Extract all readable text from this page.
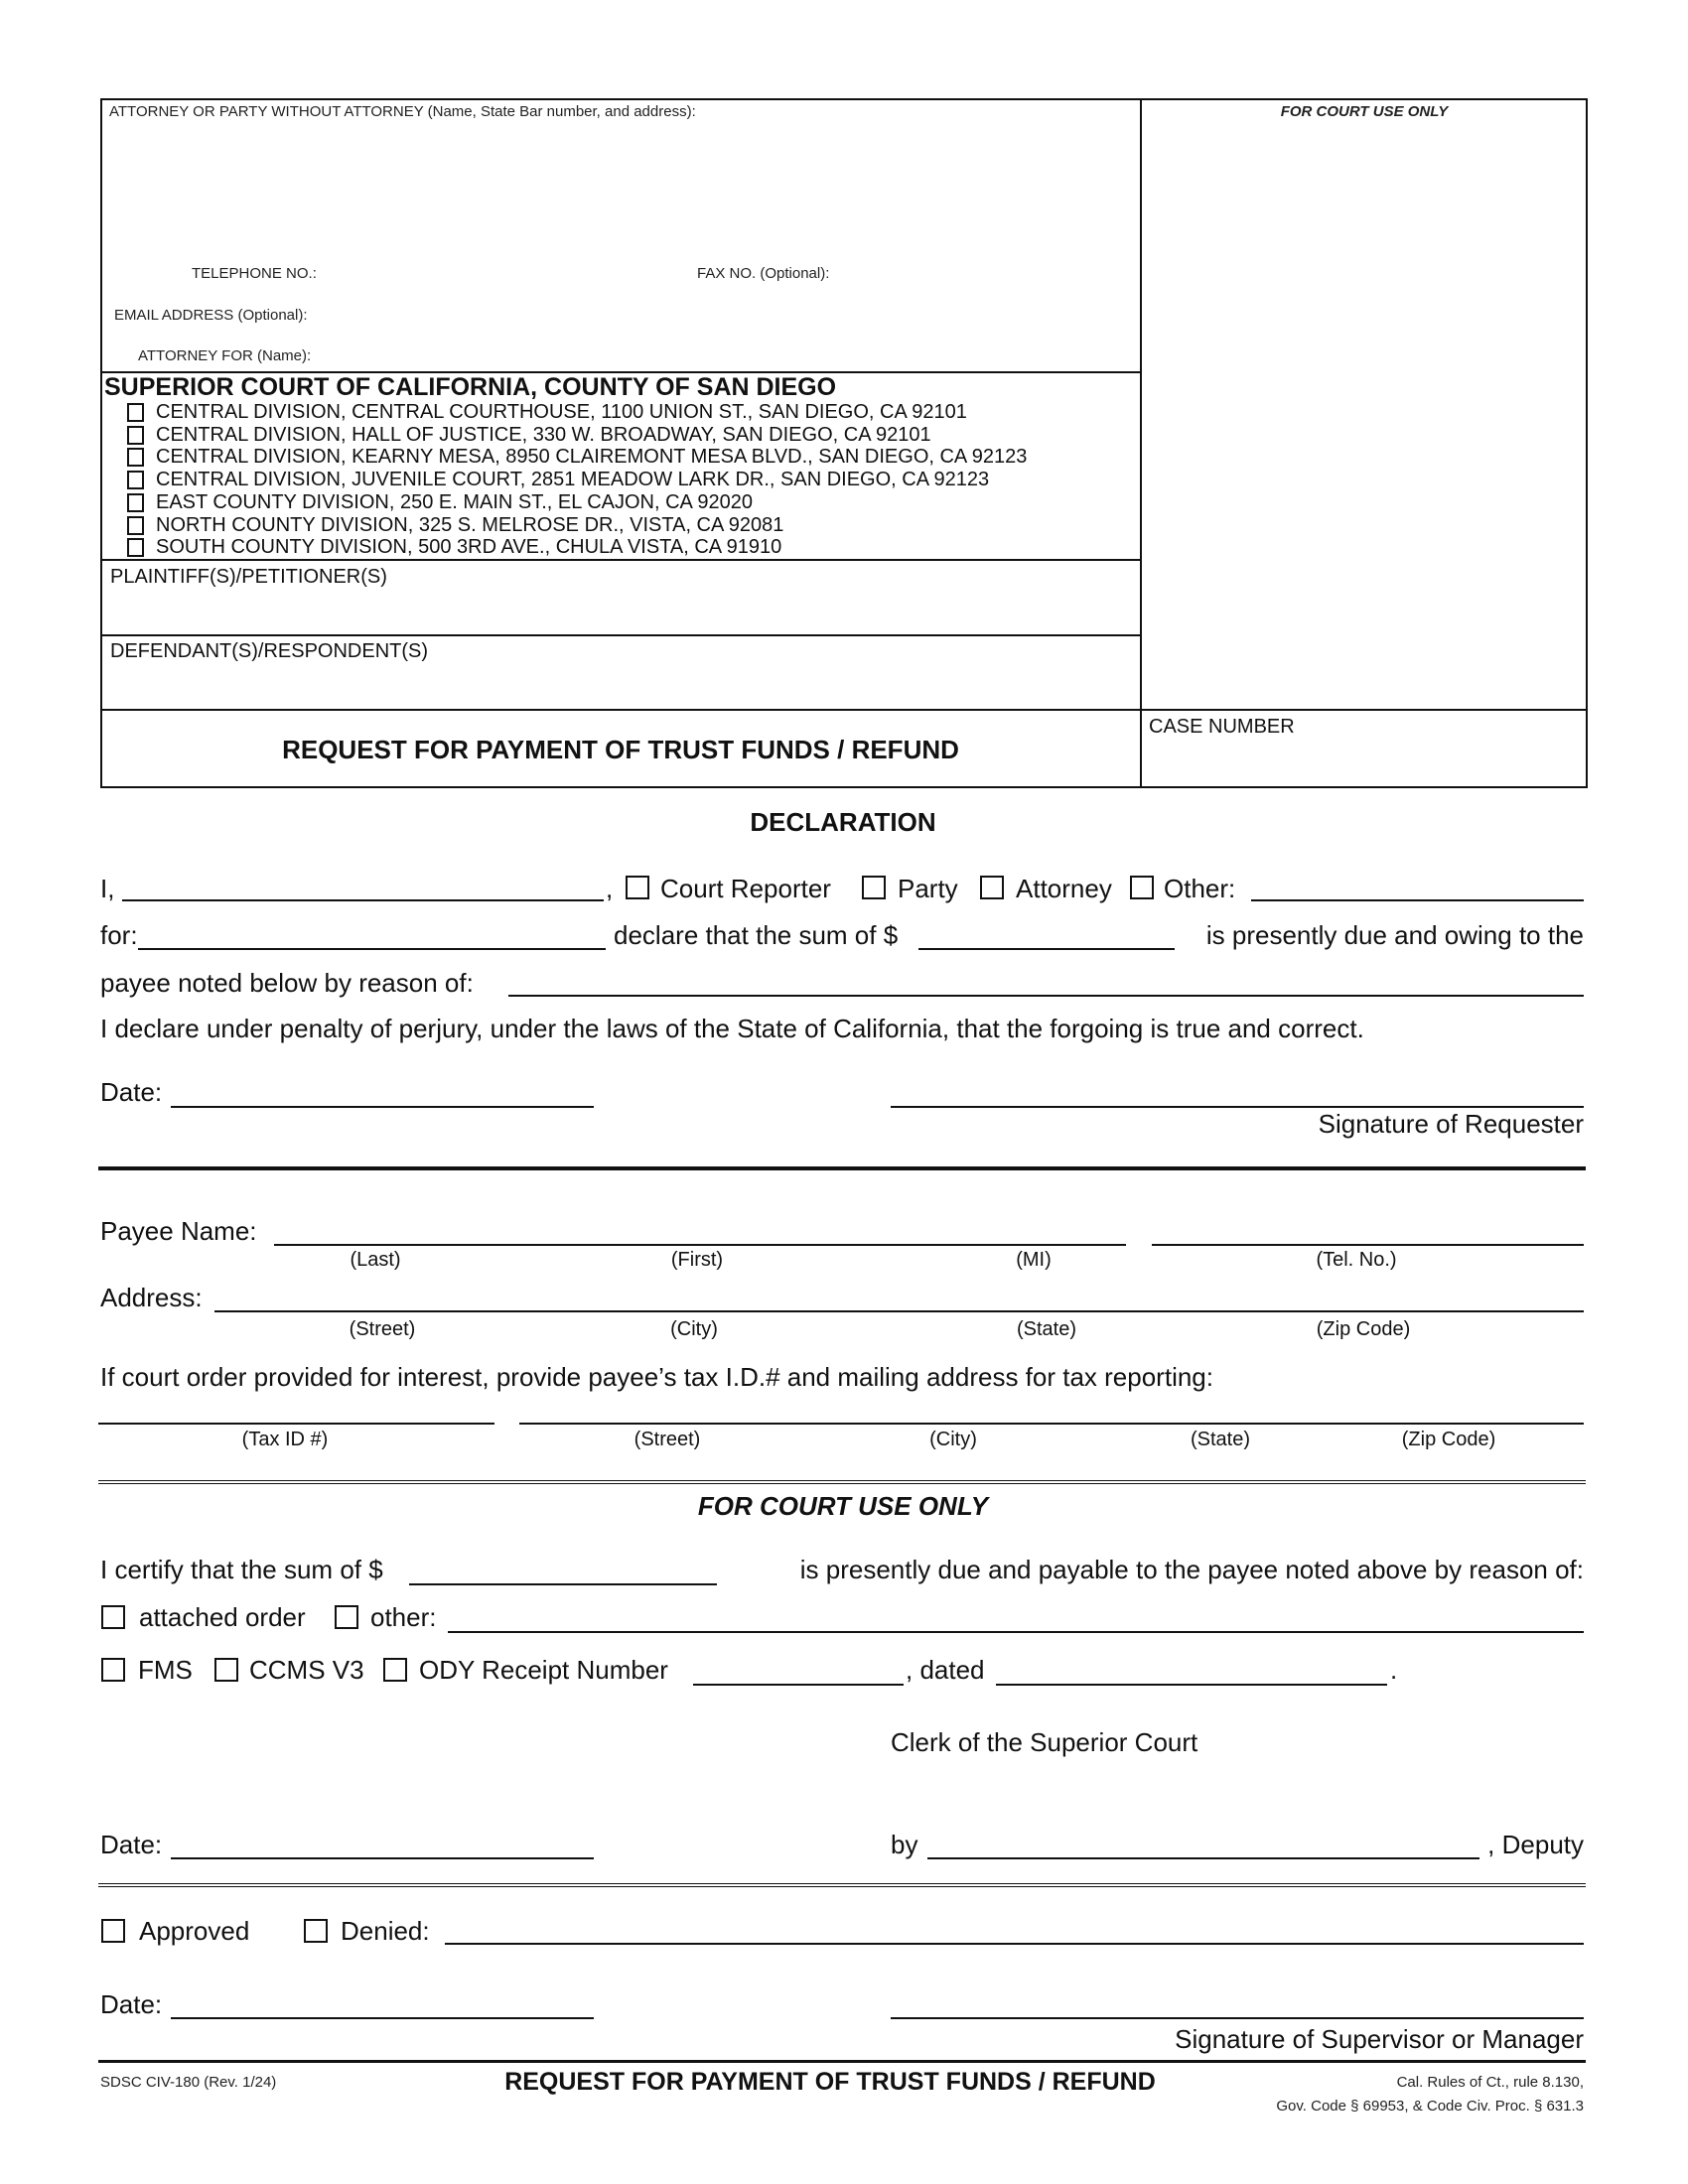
ATTORNEY OR PARTY WITHOUT ATTORNEY (Name, State Bar number, and address):	FOR COURT USE ONLY
TELEPHONE NO.:	FAX NO. (Optional):
EMAIL ADDRESS (Optional):
ATTORNEY FOR (Name):
SUPERIOR COURT OF CALIFORNIA, COUNTY OF SAN DIEGO
CENTRAL DIVISION, CENTRAL COURTHOUSE, 1100 UNION ST., SAN DIEGO, CA 92101
CENTRAL DIVISION, HALL OF JUSTICE, 330 W. BROADWAY, SAN DIEGO, CA 92101
CENTRAL DIVISION, KEARNY MESA, 8950 CLAIREMONT MESA BLVD., SAN DIEGO, CA 92123
CENTRAL DIVISION, JUVENILE COURT, 2851 MEADOW LARK DR., SAN DIEGO, CA 92123
EAST COUNTY DIVISION, 250 E. MAIN ST., EL CAJON, CA 92020
NORTH COUNTY DIVISION, 325 S. MELROSE DR., VISTA, CA 92081
SOUTH COUNTY DIVISION, 500 3RD AVE., CHULA VISTA, CA 91910
PLAINTIFF(S)/PETITIONER(S)
DEFENDANT(S)/RESPONDENT(S)
REQUEST FOR PAYMENT OF TRUST FUNDS / REFUND
CASE NUMBER
DECLARATION
I,	, Court Reporter	Party Attorney Other:
for:	declare that the sum of $	is presently due and owing to the
payee noted below by reason of:
I declare under penalty of perjury, under the laws of the State of California, that the forgoing is true and correct.
Date:
Signature of Requester
Payee Name:
(Last)	(First)	(MI)	(Tel. No.)
Address:
(Street)	(City)	(State)	(Zip Code)
If court order provided for interest, provide payee’s tax I.D.# and mailing address for tax reporting:
(Tax ID #)	(Street)	(City)	(State)	(Zip Code)
FOR COURT USE ONLY
I certify that the sum of $	is presently due and payable to the payee noted above by reason of:
attached order	other:
FMS CCMS V3 ODY Receipt Number	, dated	.
Clerk of the Superior Court
Date:	by	, Deputy
Approved	Denied:
Date:
Signature of Supervisor or Manager
SDSC CIV-180 (Rev. 1/24)	REQUEST FOR PAYMENT OF TRUST FUNDS / REFUND	Cal. Rules of Ct., rule 8.130,
Gov. Code § 69953, & Code Civ. Proc. § 631.3
